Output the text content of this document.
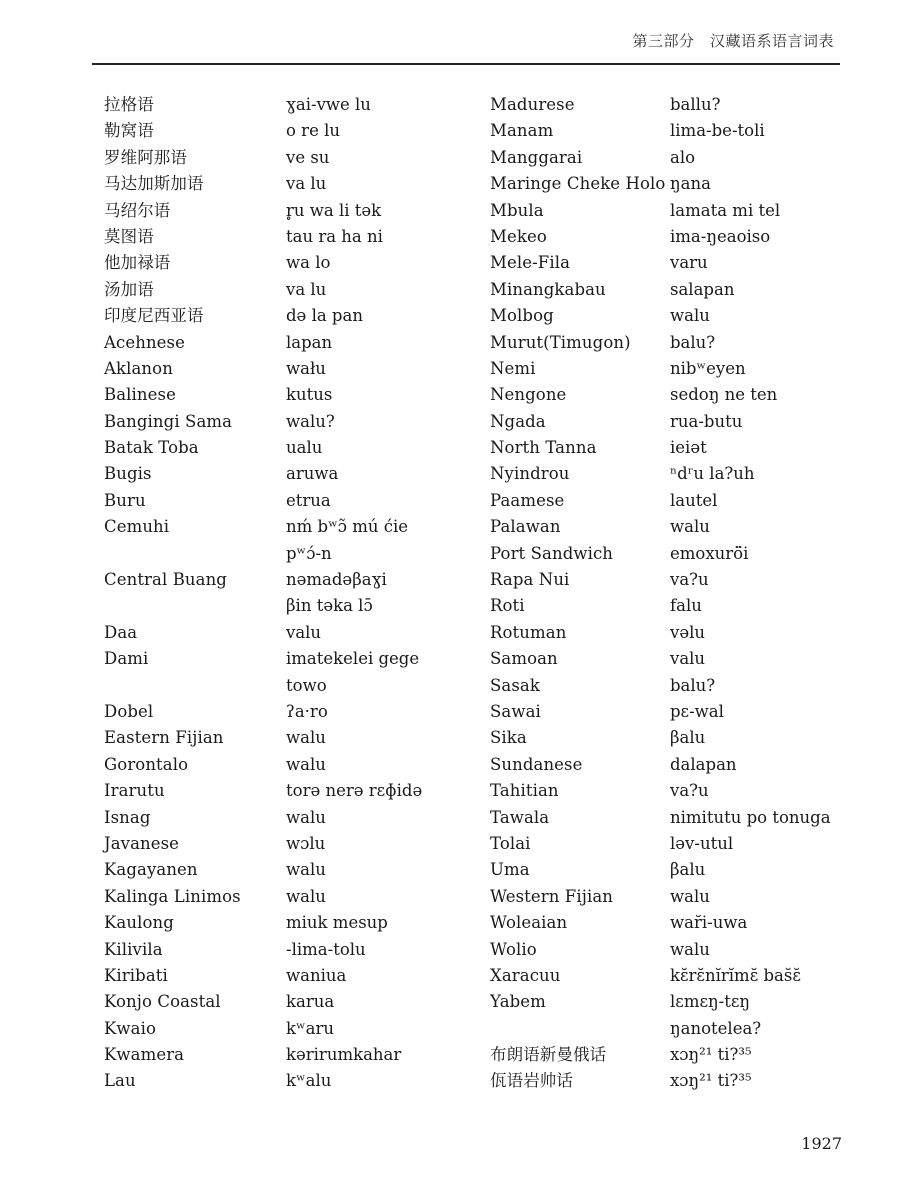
第三部分　汉藏语系语言词表
拉格语
勒窝语
罗维阿那语
马达加斯加语
马绍尔语
莫图语
他加禄语
汤加语
印度尼西亚语
Acehnese
Aklanon
Balinese
Bangingi Sama
Batak Toba
Bugis
Buru
Cemuhi
Central Buang
Daa
Dami
Dobel
Eastern Fijian
Gorontalo
Irarutu
Isnag
Javanese
Kagayanen
Kalinga Linimos
Kaulong
Kilivila
Kiribati
Konjo Coastal
Kwaio
Kwamera
Lau
ɣai-vwe lu
o re lu
ve su
va lu
r̥u wa li tək
tau ra ha ni
wa lo
va lu
də la pan
lapan
wału
kutus
walu?
ualu
aruwa
etrua
nḿ bʷɔ̃ mú ćie
pʷɔ́-n
nəmadəβaɣi
βin təka lɔ̄
valu
imatekelei gege
towo
ʔa·ro
walu
walu
torə nerə rɛɸidə
walu
wɔlu
walu
walu
miuk mesup
-lima-tolu
waniua
karua
kʷaru
kərirumkahar
kʷalu
Madurese
Manam
Manggarai
Maringe Cheke Holo
Mbula
Mekeo
Mele-Fila
Minangkabau
Molbog
Murut(Timugon)
Nemi
Nengone
Ngada
North Tanna
Nyindrou
Paamese
Palawan
Port Sandwich
Rapa Nui
Roti
Rotuman
Samoan
Sasak
Sawai
Sika
Sundanese
Tahitian
Tawala
Tolai
Uma
Western Fijian
Woleaian
Wolio
Xaracuu
Yabem
布朗语新曼俄话
佤语岩帅话
ballu?
lima-be-toli
alo
ŋana
lamata mi tel
ima-ŋeaoiso
varu
salapan
walu
balu?
nibʷeyen
sedoŋ ne ten
rua-butu
ieiət
ⁿdʳu la?uh
lautel
walu
emoxurö̈i
va?u
falu
vəlu
valu
balu?
pɛ-wal
βalu
dalapan
va?u
nimitutu po tonuga
ləv-utul
βalu
walu
war̆i-uwa
walu
kɛ̆rɛ̆nı̆rı̆mɛ̆ bas̆ɛ̆
lɛmɛŋ-tɛŋ
ŋanotelea?
xɔŋ²¹ ti?³⁵
xɔŋ²¹ ti?³⁵
1927
